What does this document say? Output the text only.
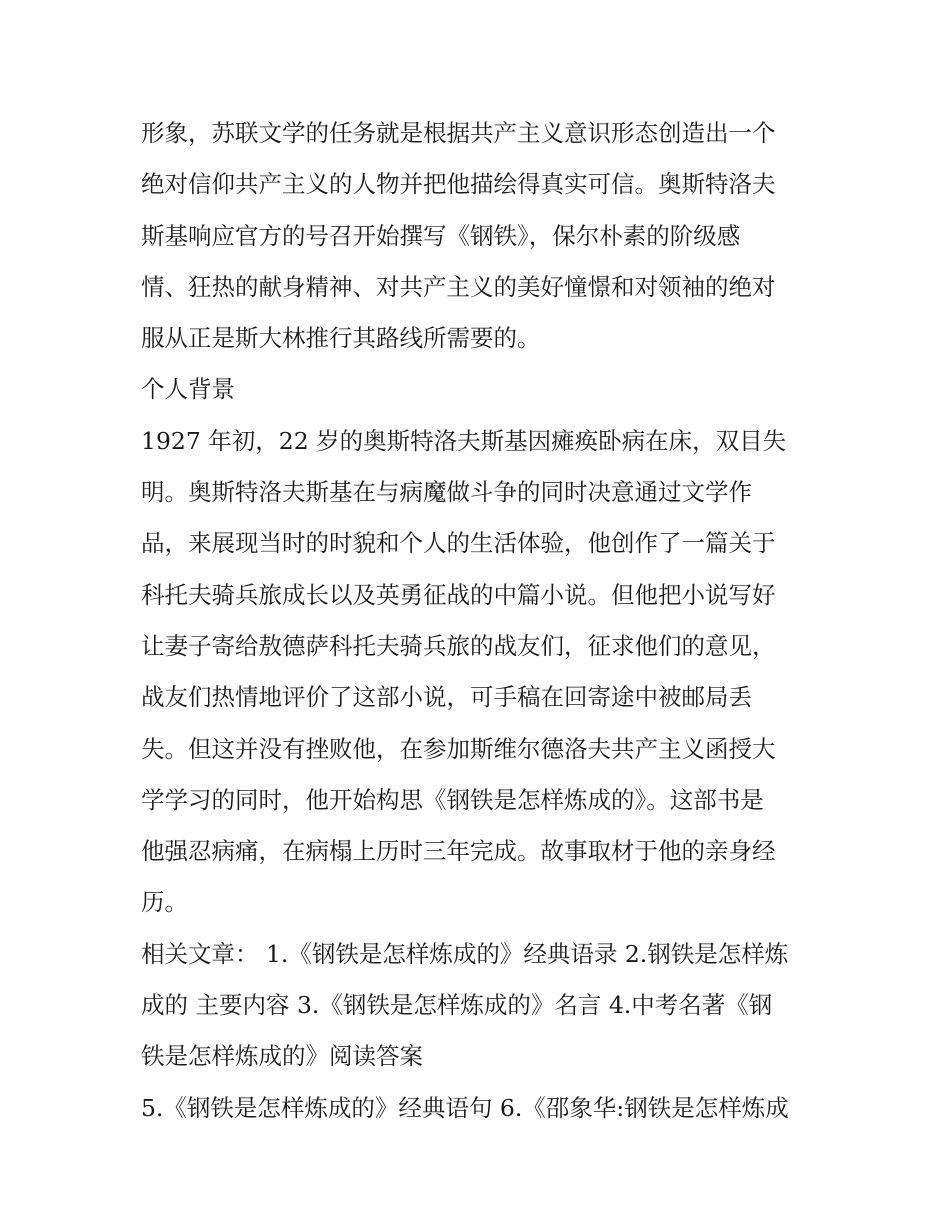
形象，苏联文学的任务就是根据共产主义意识形态创造出一个
绝对信仰共产主义的人物并把他描绘得真实可信。奥斯特洛夫
斯基响应官方的号召开始撰写《钢铁》，保尔朴素的阶级感
情、狂热的献身精神、对共产主义的美好憧憬和对领袖的绝对
服从正是斯大林推行其路线所需要的。
个人背景
1927 年初，22 岁的奥斯特洛夫斯基因瘫痪卧病在床，双目失
明。奥斯特洛夫斯基在与病魔做斗争的同时决意通过文学作
品，来展现当时的时貌和个人的生活体验，他创作了一篇关于
科托夫骑兵旅成长以及英勇征战的中篇小说。但他把小说写好
让妻子寄给敖德萨科托夫骑兵旅的战友们，征求他们的意见，
战友们热情地评价了这部小说，可手稿在回寄途中被邮局丢
失。但这并没有挫败他，在参加斯维尔德洛夫共产主义函授大
学学习的同时，他开始构思《钢铁是怎样炼成的》。这部书是
他强忍病痛，在病榻上历时三年完成。故事取材于他的亲身经
历。
相关文章： 1.《钢铁是怎样炼成的》经典语录 2.钢铁是怎样炼
成的 主要内容 3.《钢铁是怎样炼成的》名言 4.中考名著《钢
铁是怎样炼成的》阅读答案
5.《钢铁是怎样炼成的》经典语句 6.《邵象华:钢铁是怎样炼成
